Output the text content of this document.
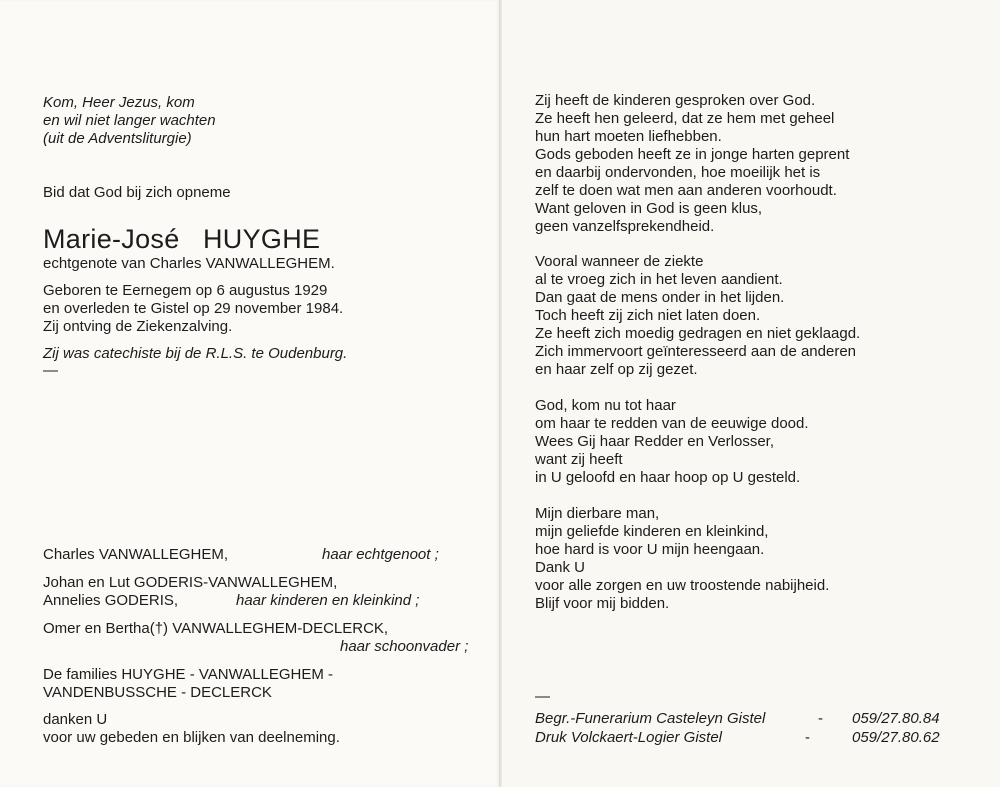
Kom, Heer Jezus, kom
en wil niet langer wachten
(uit de Adventsliturgie)
Bid dat God bij zich opneme
Marie-José HUYGHE
echtgenote van Charles VANWALLEGHEM.
Geboren te Eernegem op 6 augustus 1929
en overleden te Gistel op 29 november 1984.
Zij ontving de Ziekenzalving.
Zij was catechiste bij de R.L.S. te Oudenburg.
—
Charles VANWALLEGHEM,	haar echtgenoot ;
Johan en Lut GODERIS-VANWALLEGHEM,
Annelies GODERIS,	haar kinderen en kleinkind ;
Omer en Bertha(†) VANWALLEGHEM-DECLERCK,
haar schoonvader ;
De families HUYGHE - VANWALLEGHEM -
VANDENBUSSCHE - DECLERCK
danken U
voor uw gebeden en blijken van deelneming.
Zij heeft de kinderen gesproken over God.
Ze heeft hen geleerd, dat ze hem met geheel
hun hart moeten liefhebben.
Gods geboden heeft ze in jonge harten geprent
en daarbij ondervonden, hoe moeilijk het is
zelf te doen wat men aan anderen voorhoudt.
Want geloven in God is geen klus,
geen vanzelfsprekendheid.
Vooral wanneer de ziekte
al te vroeg zich in het leven aandient.
Dan gaat de mens onder in het lijden.
Toch heeft zij zich niet laten doen.
Ze heeft zich moedig gedragen en niet geklaagd.
Zich immervoort geïnteresseerd aan de anderen
en haar zelf op zij gezet.
God, kom nu tot haar
om haar te redden van de eeuwige dood.
Wees Gij haar Redder en Verlosser,
want zij heeft
in U geloofd en haar hoop op U gesteld.
Mijn dierbare man,
mijn geliefde kinderen en kleinkind,
hoe hard is voor U mijn heengaan.
Dank U
voor alle zorgen en uw troostende nabijheid.
Blijf voor mij bidden.
—
Begr.-Funerarium Casteleyn Gistel	- 059/27.80.84
Druk Volckaert-Logier Gistel	-	059/27.80.62
